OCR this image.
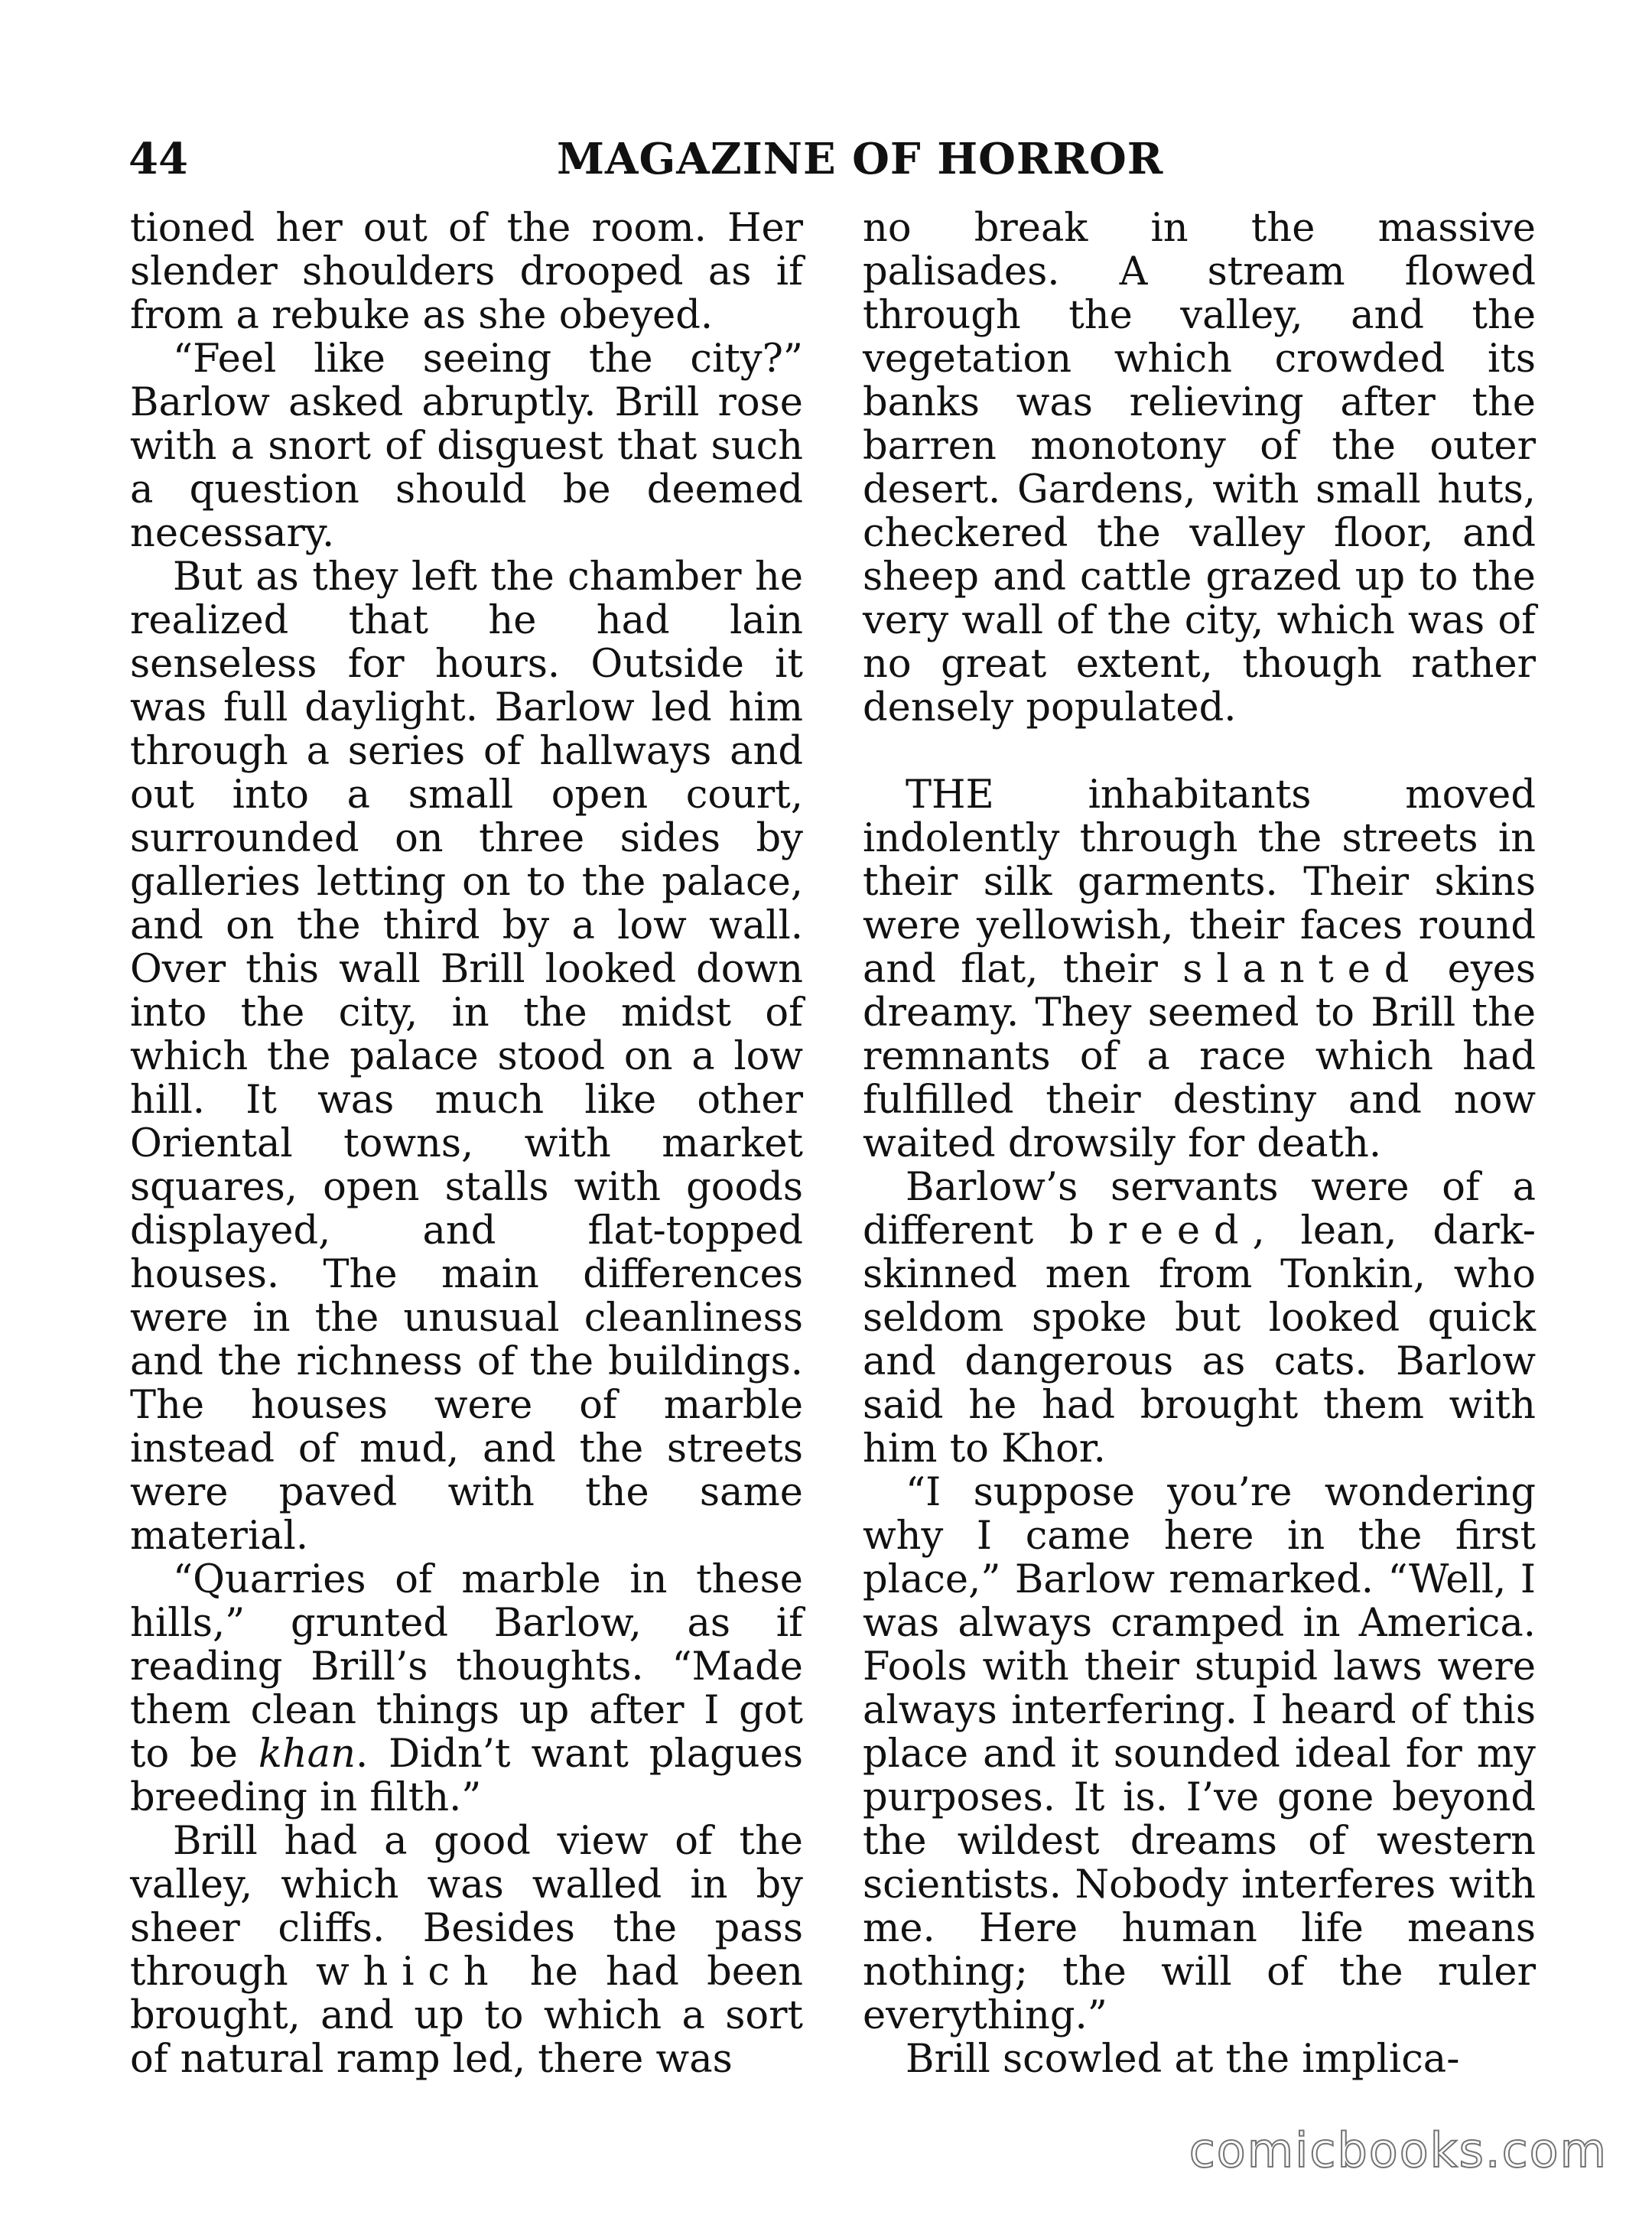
44	MAGAZINE OF HORROR

tioned her out of the room. Her slender shoulders drooped as if from a rebuke as she obeyed.

“Feel like seeing the city?” Barlow asked abruptly. Brill rose with a snort of disguest that such a question should be deemed necessary.

But as they left the chamber he realized that he had lain senseless for hours. Outside it was full daylight. Barlow led him through a series of hallways and out into a small open court, surrounded on three sides by galleries letting on to the palace, and on the third by a low wall. Over this wall Brill looked down into the city, in the midst of which the palace stood on a low hill. It was much like other Oriental towns, with market squares, open stalls with goods displayed, and flat-topped houses. The main differences were in the unusual cleanliness and the richness of the buildings. The houses were of marble instead of mud, and the streets were paved with the same material.

“Quarries of marble in these hills,” grunted Barlow, as if reading Brill’s thoughts. “Made them clean things up after I got to be khan. Didn’t want plagues breeding in filth.”

Brill had a good view of the valley, which was walled in by sheer cliffs. Besides the pass through which he had been brought, and up to which a sort of natural ramp led, there was

no break in the massive palisades. A stream flowed through the valley, and the vegetation which crowded its banks was relieving after the barren monotony of the outer desert. Gardens, with small huts, checkered the valley floor, and sheep and cattle grazed up to the very wall of the city, which was of no great extent, though rather densely populated.

THE inhabitants moved indolently through the streets in their silk garments. Their skins were yellowish, their faces round and flat, their slanted eyes dreamy. They seemed to Brill the remnants of a race which had fulfilled their destiny and now waited drowsily for death.

Barlow’s servants were of a different breed, lean, dark-skinned men from Tonkin, who seldom spoke but looked quick and dangerous as cats. Barlow said he had brought them with him to Khor.

“I suppose you’re wondering why I came here in the first place,” Barlow remarked. “Well, I was always cramped in America. Fools with their stupid laws were always interfering. I heard of this place and it sounded ideal for my purposes. It is. I’ve gone beyond the wildest dreams of western scientists. Nobody interferes with me. Here human life means nothing; the will of the ruler everything.”

Brill scowled at the implica-

comicbooks.com
